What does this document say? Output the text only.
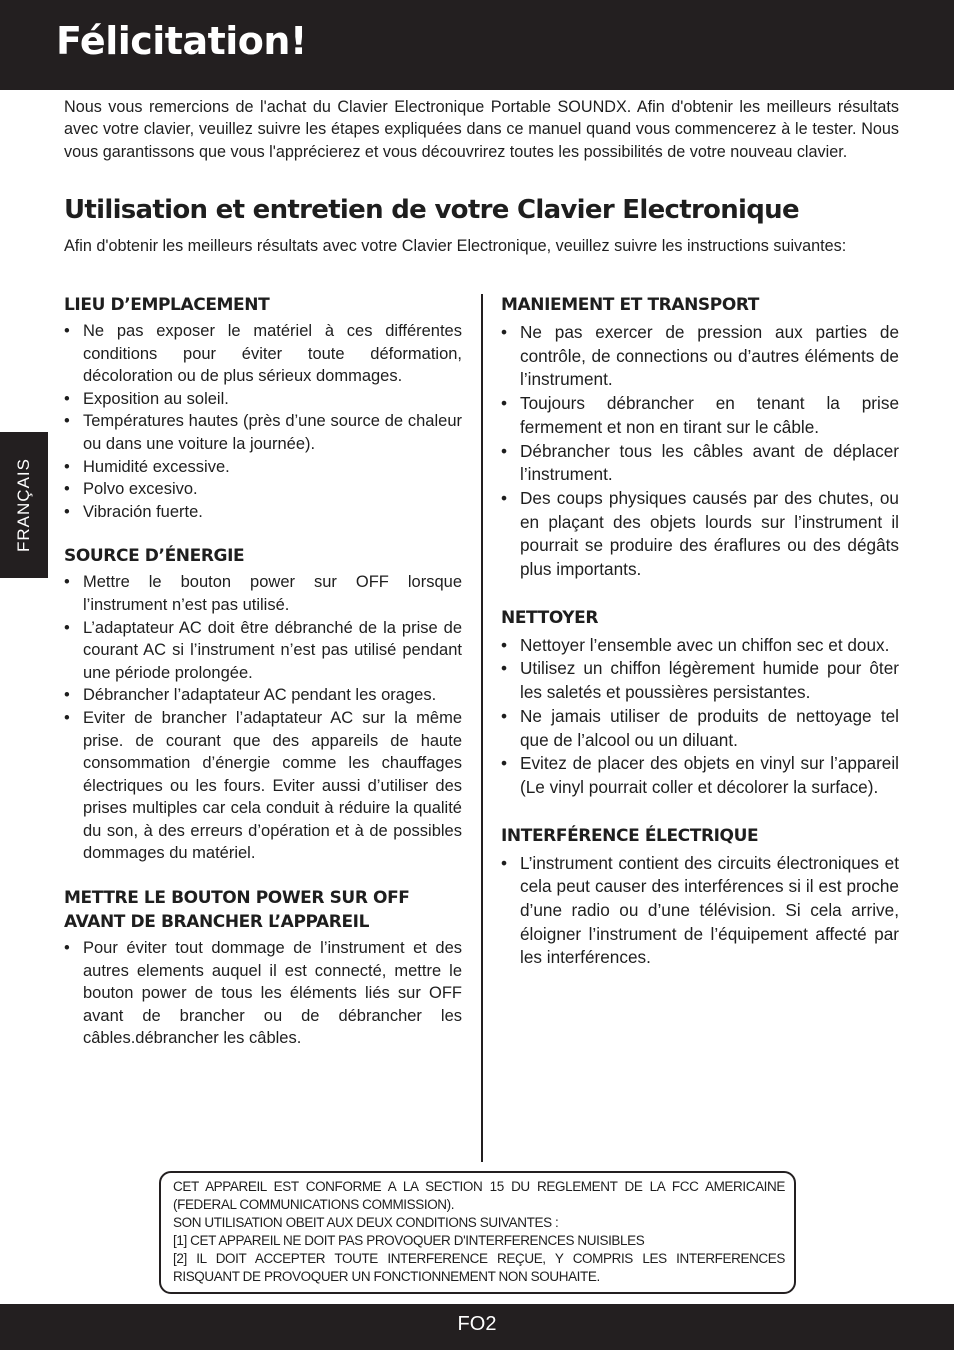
Félicitation!

Nous vous remercions de l'achat du Clavier Electronique Portable SOUNDX. Afin d'obtenir les meilleurs résultats avec votre clavier, veuillez suivre les étapes expliquées dans ce manuel quand vous commencerez à le tester. Nous vous garantissons que vous l'apprécierez et vous découvrirez toutes les possibilités de votre nouveau clavier.

Utilisation et entretien de votre Clavier Electronique

Afin d'obtenir les meilleurs résultats avec votre Clavier Electronique, veuillez suivre les instructions suivantes:

FRANÇAIS
LIEU D’EMPLACEMENT
• Ne pas exposer le matériel à ces différentes conditions pour éviter toute déformation, décoloration ou de plus sérieux dommages.
• Exposition au soleil.
• Températures hautes (près d’une source de chaleur ou dans une voiture la journée).
• Humidité excessive.
• Polvo excesivo.
• Vibración fuerte.
SOURCE D’ÉNERGIE
• Mettre le bouton power sur OFF lorsque l’instrument n’est pas utilisé.
• L’adaptateur AC doit être débranché de la prise de courant AC si l’instrument n’est pas utilisé pendant une période prolongée.
• Débrancher l’adaptateur AC pendant les orages.
• Eviter de brancher l’adaptateur AC sur la même prise. de courant que des appareils de haute consommation d’énergie comme les chauffages électriques ou les fours. Eviter aussi d’utiliser des prises multiples car cela conduit à réduire la qualité du son, à des erreurs d’opération et à de possibles dommages du matériel.
METTRE LE BOUTON POWER SUR OFF AVANT DE BRANCHER L’APPAREIL
• Pour éviter tout dommage de l’instrument et des autres elements auquel il est connecté, mettre le bouton power de tous les éléments liés sur OFF avant de brancher ou de débrancher les câbles.débrancher les câbles.
MANIEMENT ET TRANSPORT
• Ne pas exercer de pression aux parties de contrôle, de connections ou d’autres éléments de l’instrument.
• Toujours débrancher en tenant la prise fermement et non en tirant sur le câble.
• Débrancher tous les câbles avant de déplacer l’instrument.
• Des coups physiques causés par des chutes, ou en plaçant des objets lourds sur l’instrument il pourrait se produire des éraflures ou des dégâts plus importants.
NETTOYER
• Nettoyer l’ensemble avec un chiffon sec et doux.
• Utilisez un chiffon légèrement humide pour ôter les saletés et poussières persistantes.
• Ne jamais utiliser de produits de nettoyage tel que de l’alcool ou un diluant.
• Evitez de placer des objets en vinyl sur l’appareil (Le vinyl pourrait coller et décolorer la surface).
INTERFÉRENCE ÉLECTRIQUE
• L’instrument contient des circuits électroniques et cela peut causer des interférences si il est proche d’une radio ou d’une télévision. Si cela arrive, éloigner l’instrument de l’équipement affecté par les interférences.

CET APPAREIL EST CONFORME A LA SECTION 15 DU REGLEMENT DE LA FCC AMERICAINE (FEDERAL COMMUNICATIONS COMMISSION).

SON UTILISATION OBEIT AUX DEUX CONDITIONS SUIVANTES :

[1] CET APPAREIL NE DOIT PAS PROVOQUER D'INTERFERENCES NUISIBLES

[2] IL DOIT ACCEPTER TOUTE INTERFERENCE REÇUE, Y COMPRIS LES INTERFERENCES RISQUANT DE PROVOQUER UN FONCTIONNEMENT NON SOUHAITE.

FO2
